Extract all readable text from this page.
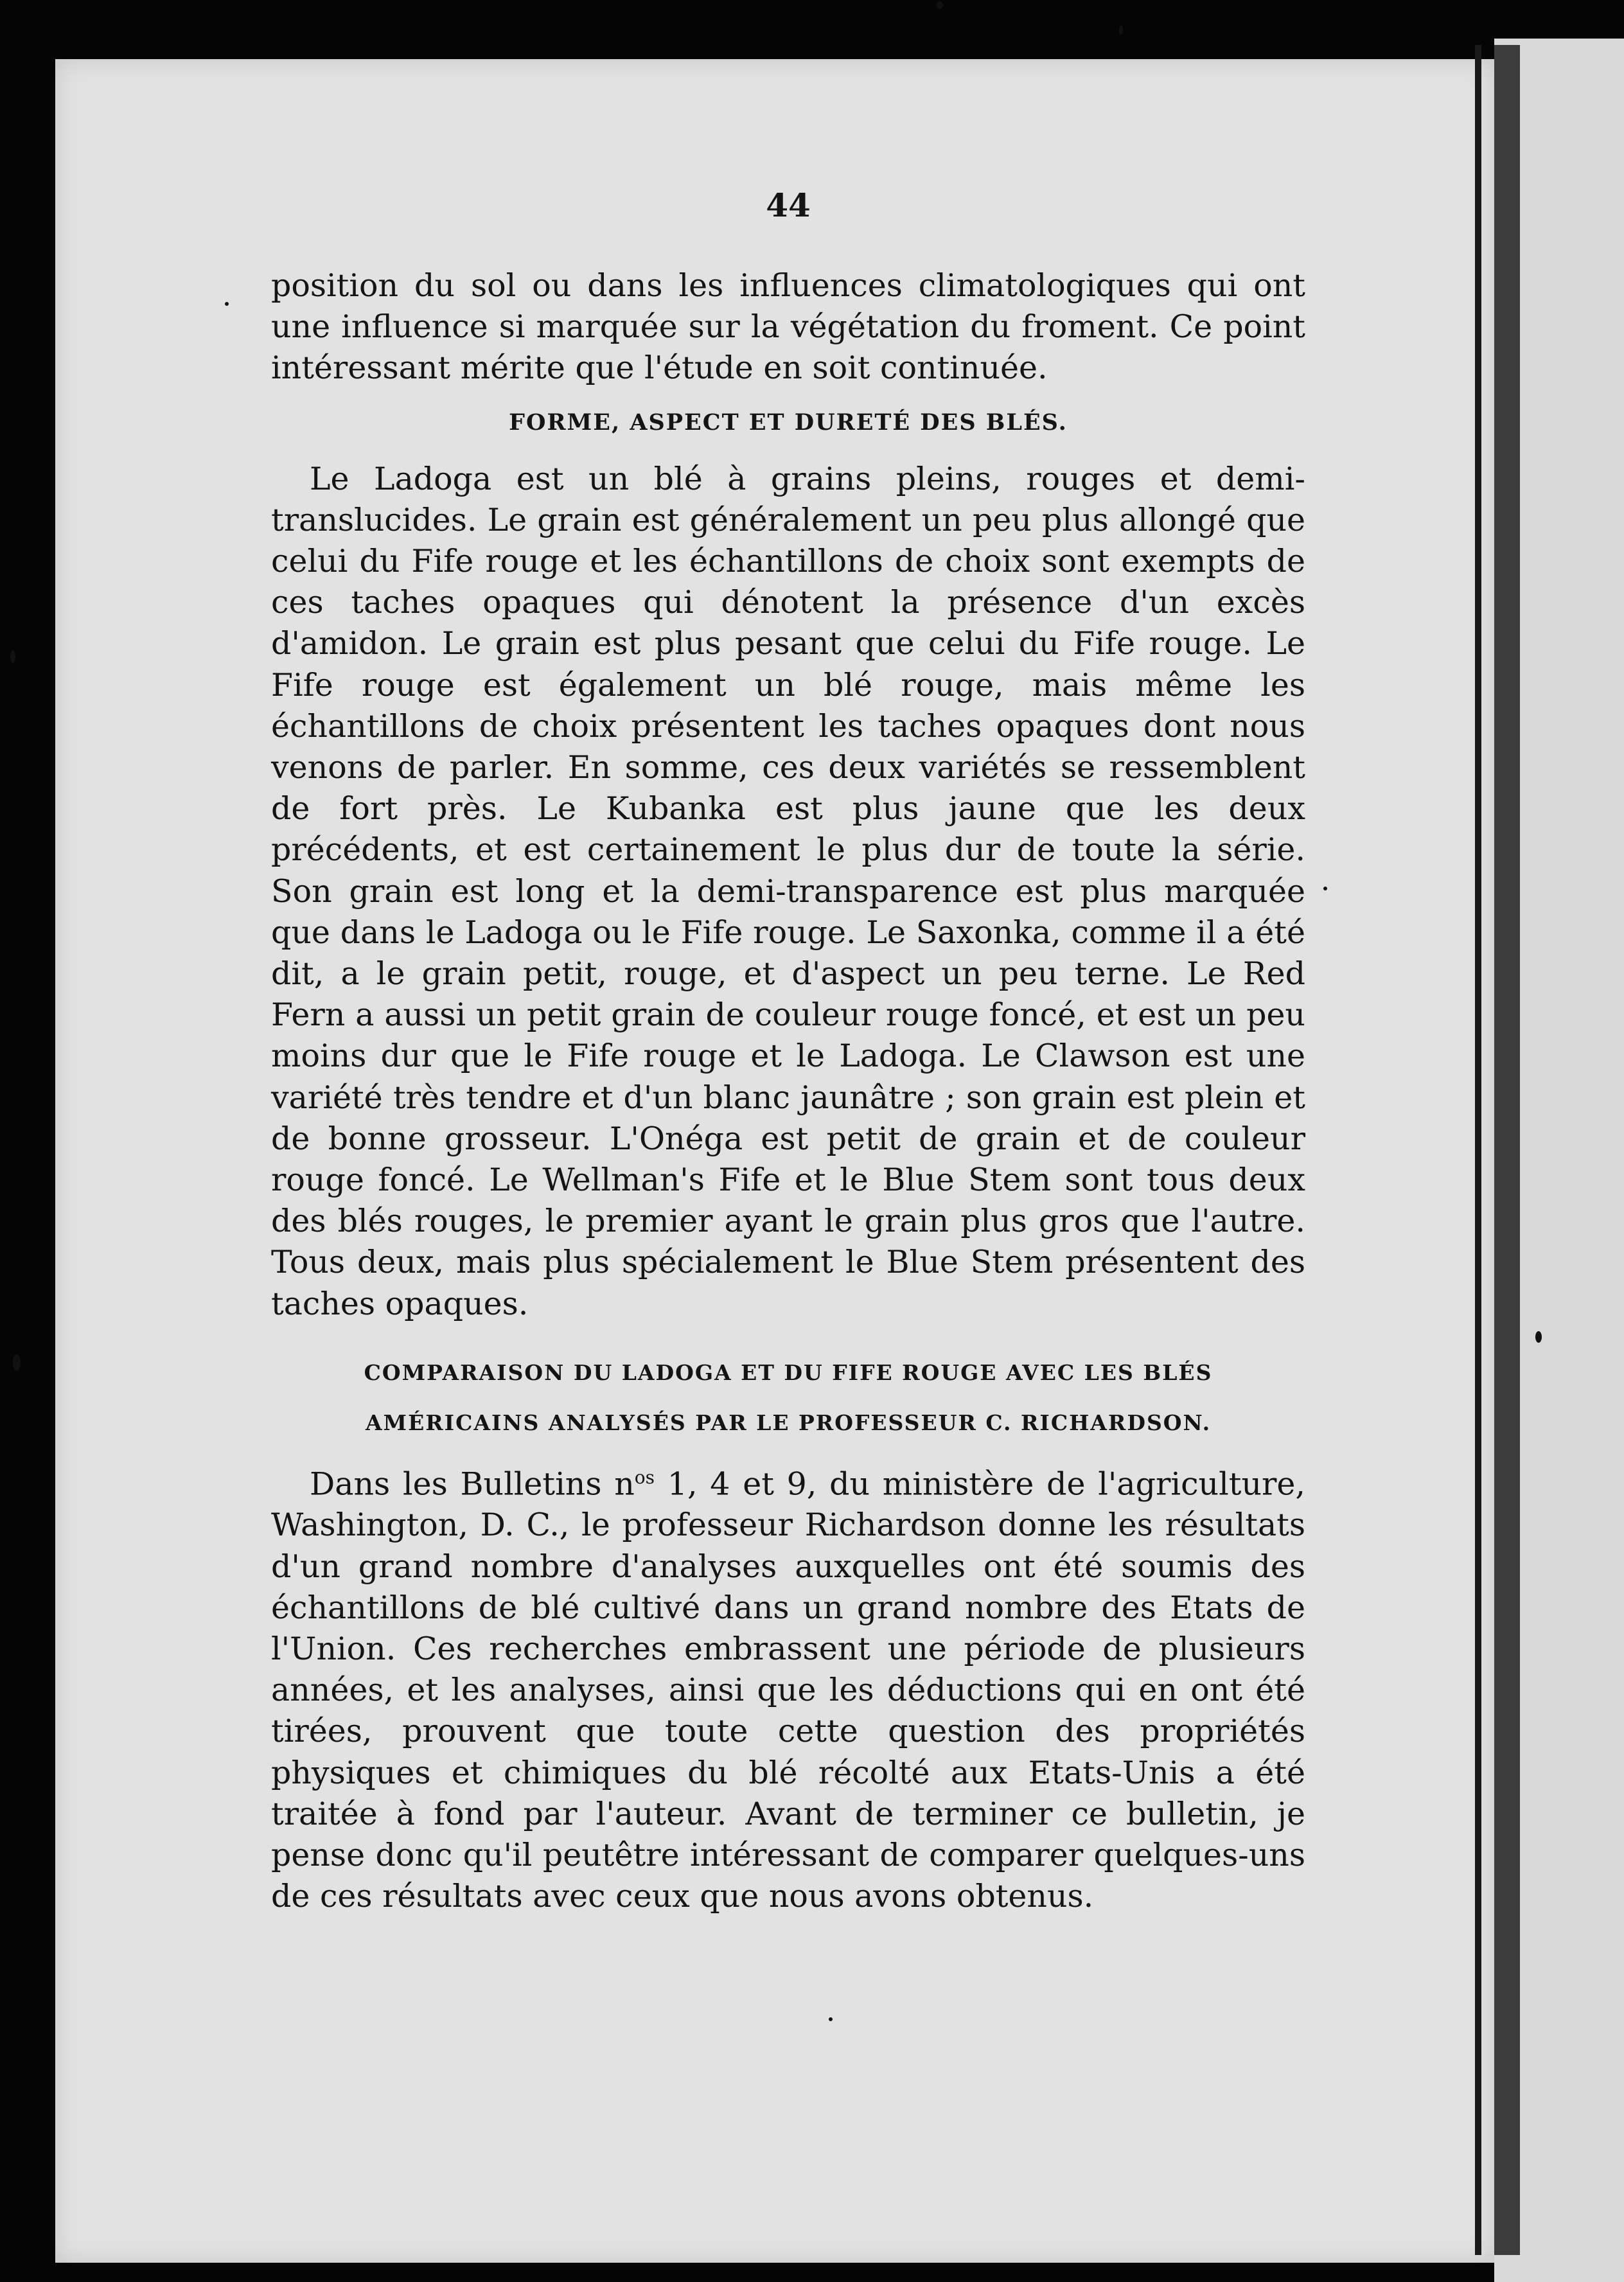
44

position du sol ou dans les influences climatologiques qui ont une influence si marquée sur la végétation du froment. Ce point intéressant mérite que l'étude en soit continuée.

FORME, ASPECT ET DURETÉ DES BLÉS.

Le Ladoga est un blé à grains pleins, rouges et demi-translucides. Le grain est généralement un peu plus allongé que celui du Fife rouge et les échantillons de choix sont exempts de ces taches opaques qui dénotent la présence d'un excès d'amidon. Le grain est plus pesant que celui du Fife rouge. Le Fife rouge est également un blé rouge, mais même les échantillons de choix présentent les taches opaques dont nous venons de parler. En somme, ces deux variétés se ressemblent de fort près. Le Kubanka est plus jaune que les deux précédents, et est certainement le plus dur de toute la série. Son grain est long et la demi-transparence est plus marquée que dans le Ladoga ou le Fife rouge. Le Saxonka, comme il a été dit, a le grain petit, rouge, et d'aspect un peu terne. Le Red Fern a aussi un petit grain de couleur rouge foncé, et est un peu moins dur que le Fife rouge et le Ladoga. Le Clawson est une variété très tendre et d'un blanc jaunâtre ; son grain est plein et de bonne grosseur. L'Onéga est petit de grain et de couleur rouge foncé. Le Wellman's Fife et le Blue Stem sont tous deux des blés rouges, le premier ayant le grain plus gros que l'autre. Tous deux, mais plus spécialement le Blue Stem présentent des taches opaques.

COMPARAISON DU LADOGA ET DU FIFE ROUGE AVEC LES BLÉS
AMÉRICAINS ANALYSÉS PAR LE PROFESSEUR C. RICHARDSON.

Dans les Bulletins $n^{os}$ 1, 4 et 9, du ministère de l'agriculture, Washington, D. C., le professeur Richardson donne les résultats d'un grand nombre d'analyses auxquelles ont été soumis des échantillons de blé cultivé dans un grand nombre des Etats de l'Union. Ces recherches embrassent une période de plusieurs années, et les analyses, ainsi que les déductions qui en ont été tirées, prouvent que toute cette question des propriétés physiques et chimiques du blé récolté aux Etats-Unis a été traitée à fond par l'auteur. Avant de terminer ce bulletin, je pense donc qu'il peutêtre intéressant de comparer quelques-uns de ces résultats avec ceux que nous avons obtenus.
